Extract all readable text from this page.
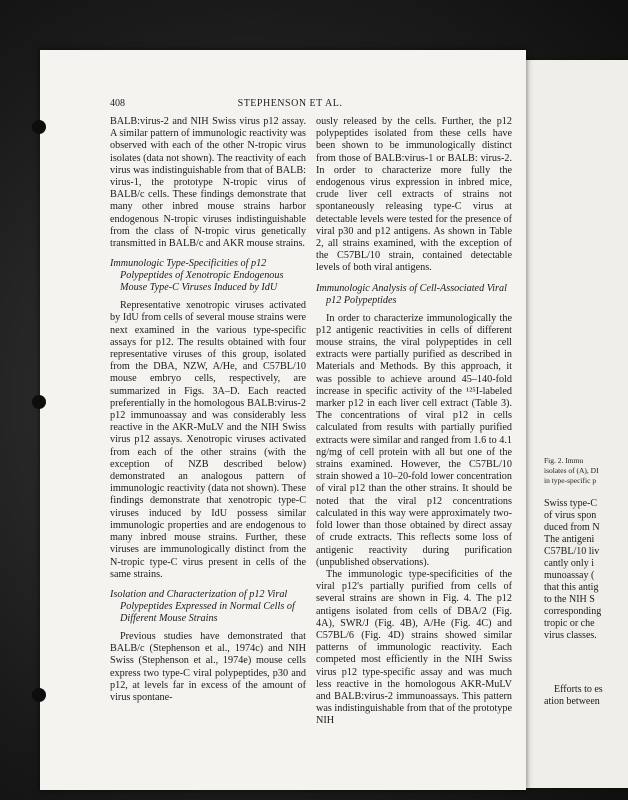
Fig. 2. Immu
isolates of (A), DI
in type-specific p
Swiss type-C
of virus spon
duced from N
The antigeni
C57BL/10 liv
cantly only i
munoassay (
that this antig
to the NIH S
corresponding
tropic or che
virus classes.
Efforts to es
ation between
408	STEPHENSON ET AL.

BALB:virus-2 and NIH Swiss virus p12 assay. A similar pattern of immunologic reactivity was observed with each of the other N-tropic virus isolates (data not shown). The reactivity of each virus was indistinguishable from that of BALB: virus-1, the prototype N-tropic virus of BALB/c cells. These findings demonstrate that many other inbred mouse strains harbor endogenous N-tropic viruses indistinguishable from the class of N-tropic virus genetically transmitted in BALB/c and AKR mouse strains.

Immunologic Type-Specificities of p12 Polypeptides of Xenotropic Endogenous Mouse Type-C Viruses Induced by IdU

Representative xenotropic viruses activated by IdU from cells of several mouse strains were next examined in the various type-specific assays for p12. The results obtained with four representative viruses of this group, isolated from the DBA, NZW, A/He, and C57BL/10 mouse embryo cells, respectively, are summarized in Figs. 3A–D. Each reacted preferentially in the homologous BALB:virus-2 p12 immunoassay and was considerably less reactive in the AKR-MuLV and the NIH Swiss virus p12 assays. Xenotropic viruses activated from each of the other strains (with the exception of NZB described below) demonstrated an analogous pattern of immunologic reactivity (data not shown). These findings demonstrate that xenotropic type-C viruses induced by IdU possess similar immunologic properties and are endogenous to many inbred mouse strains. Further, these viruses are immunologically distinct from the N-tropic type-C virus present in cells of the same strains.

Isolation and Characterization of p12 Viral Polypeptides Expressed in Normal Cells of Different Mouse Strains

Previous studies have demonstrated that BALB/c (Stephenson et al., 1974c) and NIH Swiss (Stephenson et al., 1974e) mouse cells express two type-C viral polypeptides, p30 and p12, at levels far in excess of the amount of virus spontane-

ously released by the cells. Further, the p12 polypeptides isolated from these cells have been shown to be immunologically distinct from those of BALB:virus-1 or BALB: virus-2. In order to characterize more fully the endogenous virus expression in inbred mice, crude liver cell extracts of strains not spontaneously releasing type-C virus at detectable levels were tested for the presence of viral p30 and p12 antigens. As shown in Table 2, all strains examined, with the exception of the C57BL/10 strain, contained detectable levels of both viral antigens.

Immunologic Analysis of Cell-Associated Viral p12 Polypeptides

In order to characterize immunologically the p12 antigenic reactivities in cells of different mouse strains, the viral polypeptides in cell extracts were partially purified as described in Materials and Methods. By this approach, it was possible to achieve around 45–140-fold increase in specific activity of the ¹²⁵I-labeled marker p12 in each liver cell extract (Table 3). The concentrations of viral p12 in cells calculated from results with partially purified extracts were similar and ranged from 1.6 to 4.1 ng/mg of cell protein with all but one of the strains examined. However, the C57BL/10 strain showed a 10–20-fold lower concentration of viral p12 than the other strains. It should be noted that the viral p12 concentrations calculated in this way were approximately two-fold lower than those obtained by direct assay of crude extracts. This reflects some loss of antigenic reactivity during purification (unpublished observations).

The immunologic type-specificities of the viral p12's partially purified from cells of several strains are shown in Fig. 4. The p12 antigens isolated from cells of DBA/2 (Fig. 4A), SWR/J (Fig. 4B), A/He (Fig. 4C) and C57BL/6 (Fig. 4D) strains showed similar patterns of immunologic reactivity. Each competed most efficiently in the NIH Swiss virus p12 type-specific assay and was much less reactive in the homologous AKR-MuLV and BALB:virus-2 immunoassays. This pattern was indistinguishable from that of the prototype NIH
